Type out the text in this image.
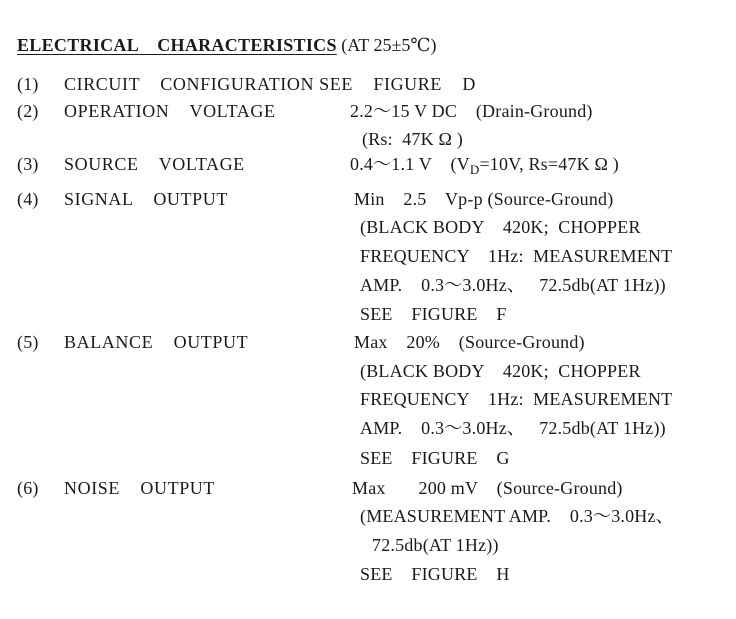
ELECTRICAL    CHARACTERISTICS (AT 25±5℃)

(1) CIRCUIT    CONFIGURATION SEE    FIGURE    D
(2) OPERATION    VOLTAGE	2.2～15 V DC    (Drain-Ground)
(Rs:  47K Ω )
(3) SOURCE    VOLTAGE	0.4～1.1 V    ($V_D=10V$, Rs=47K Ω )
(4) SIGNAL    OUTPUT	Min    2.5    Vp-p (Source-Ground)
(BLACK BODY    420K;  CHOPPER
FREQUENCY    1Hz:  MEASUREMENT
AMP.    0.3～3.0Hz、   72.5db(AT 1Hz))
SEE    FIGURE    F
(5) BALANCE    OUTPUT	Max    20%    (Source-Ground)
(BLACK BODY    420K;  CHOPPER
FREQUENCY    1Hz:  MEASUREMENT
AMP.    0.3～3.0Hz、   72.5db(AT 1Hz))
SEE    FIGURE    G
(6) NOISE    OUTPUT	Max       200 mV    (Source-Ground)
(MEASUREMENT AMP.    0.3～3.0Hz、
72.5db(AT 1Hz))
SEE    FIGURE    H
